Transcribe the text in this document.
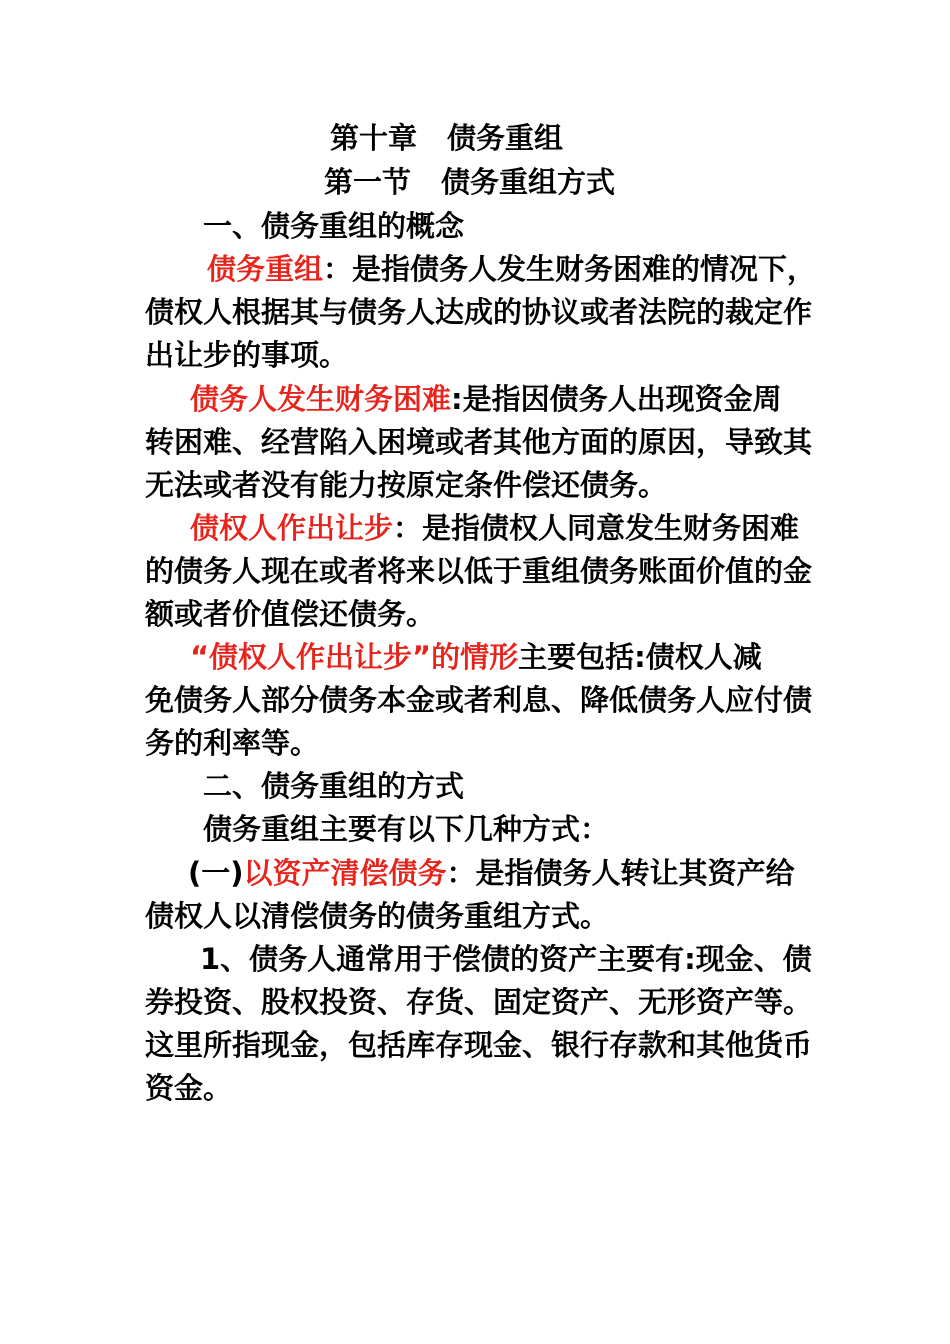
第十章 债务重组
第一节 债务重组方式
一、债务重组的概念
债务重组：是指债务人发生财务困难的情况下，
债权人根据其与债务人达成的协议或者法院的裁定作
出让步的事项。
债务人发生财务困难:是指因债务人出现资金周
转困难、经营陷入困境或者其他方面的原因，导致其
无法或者没有能力按原定条件偿还债务。
债权人作出让步：是指债权人同意发生财务困难
的债务人现在或者将来以低于重组债务账面价值的金
额或者价值偿还债务。
“债权人作出让步”的情形主要包括:债权人减
免债务人部分债务本金或者利息、降低债务人应付债
务的利率等。
二、债务重组的方式
债务重组主要有以下几种方式：
(一)以资产清偿债务：是指债务人转让其资产给
债权人以清偿债务的债务重组方式。
1、债务人通常用于偿债的资产主要有:现金、债
券投资、股权投资、存货、固定资产、无形资产等。
这里所指现金，包括库存现金、银行存款和其他货币
资金。
